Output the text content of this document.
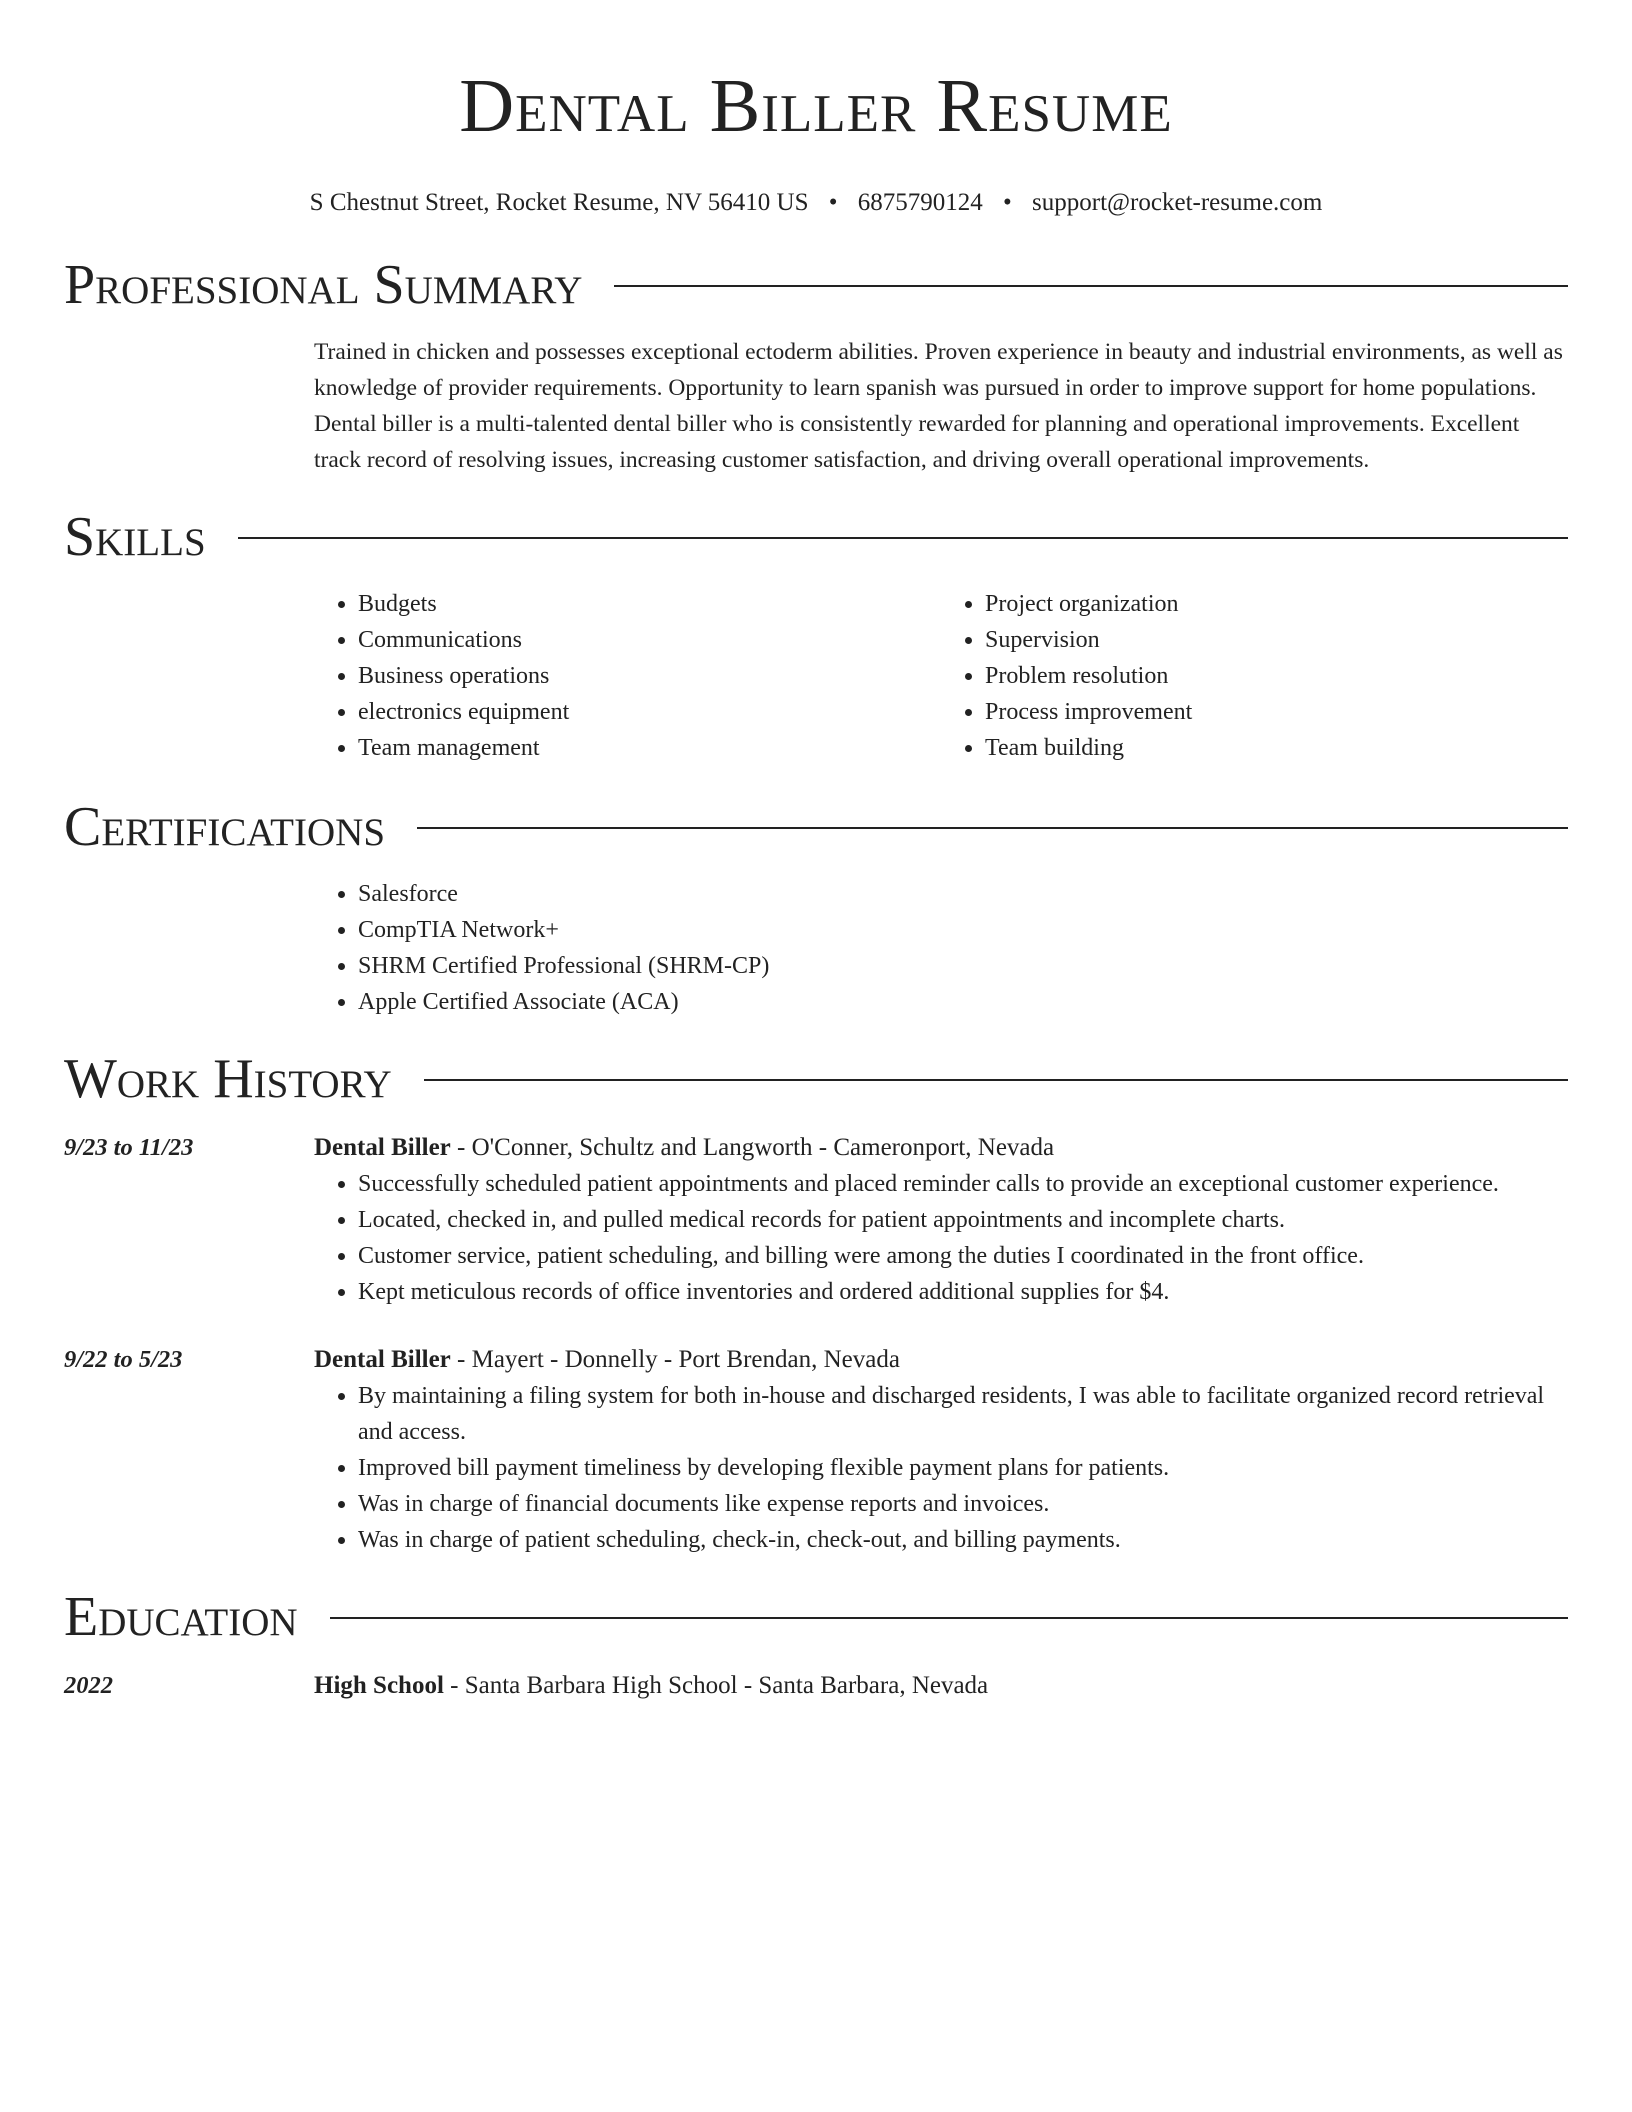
Dental Biller Resume
S Chestnut Street, Rocket Resume, NV 56410 US • 6875790124 • support@rocket-resume.com
Professional Summary

Trained in chicken and possesses exceptional ectoderm abilities. Proven experience in beauty and industrial environments, as well as knowledge of provider requirements. Opportunity to learn spanish was pursued in order to improve support for home populations. Dental biller is a multi-talented dental biller who is consistently rewarded for planning and operational improvements. Excellent track record of resolving issues, increasing customer satisfaction, and driving overall operational improvements.

Skills
• Budgets
• Communications
• Business operations
• electronics equipment
• Team management
• Project organization
• Supervision
• Problem resolution
• Process improvement
• Team building
Certifications
• Salesforce
• CompTIA Network+
• SHRM Certified Professional (SHRM-CP)
• Apple Certified Associate (ACA)
Work History
9/23 to 11/23	Dental Biller - O'Conner, Schultz and Langworth - Cameronport, Nevada

• Successfully scheduled patient appointments and placed reminder calls to provide an exceptional customer experience.
• Located, checked in, and pulled medical records for patient appointments and incomplete charts.
• Customer service, patient scheduling, and billing were among the duties I coordinated in the front office.
• Kept meticulous records of office inventories and ordered additional supplies for $4.
9/22 to 5/23	Dental Biller - Mayert - Donnelly - Port Brendan, Nevada

• By maintaining a filing system for both in-house and discharged residents, I was able to facilitate organized record retrieval and access.
• Improved bill payment timeliness by developing flexible payment plans for patients.
• Was in charge of financial documents like expense reports and invoices.
• Was in charge of patient scheduling, check-in, check-out, and billing payments.
Education
2022	High School - Santa Barbara High School - Santa Barbara, Nevada
